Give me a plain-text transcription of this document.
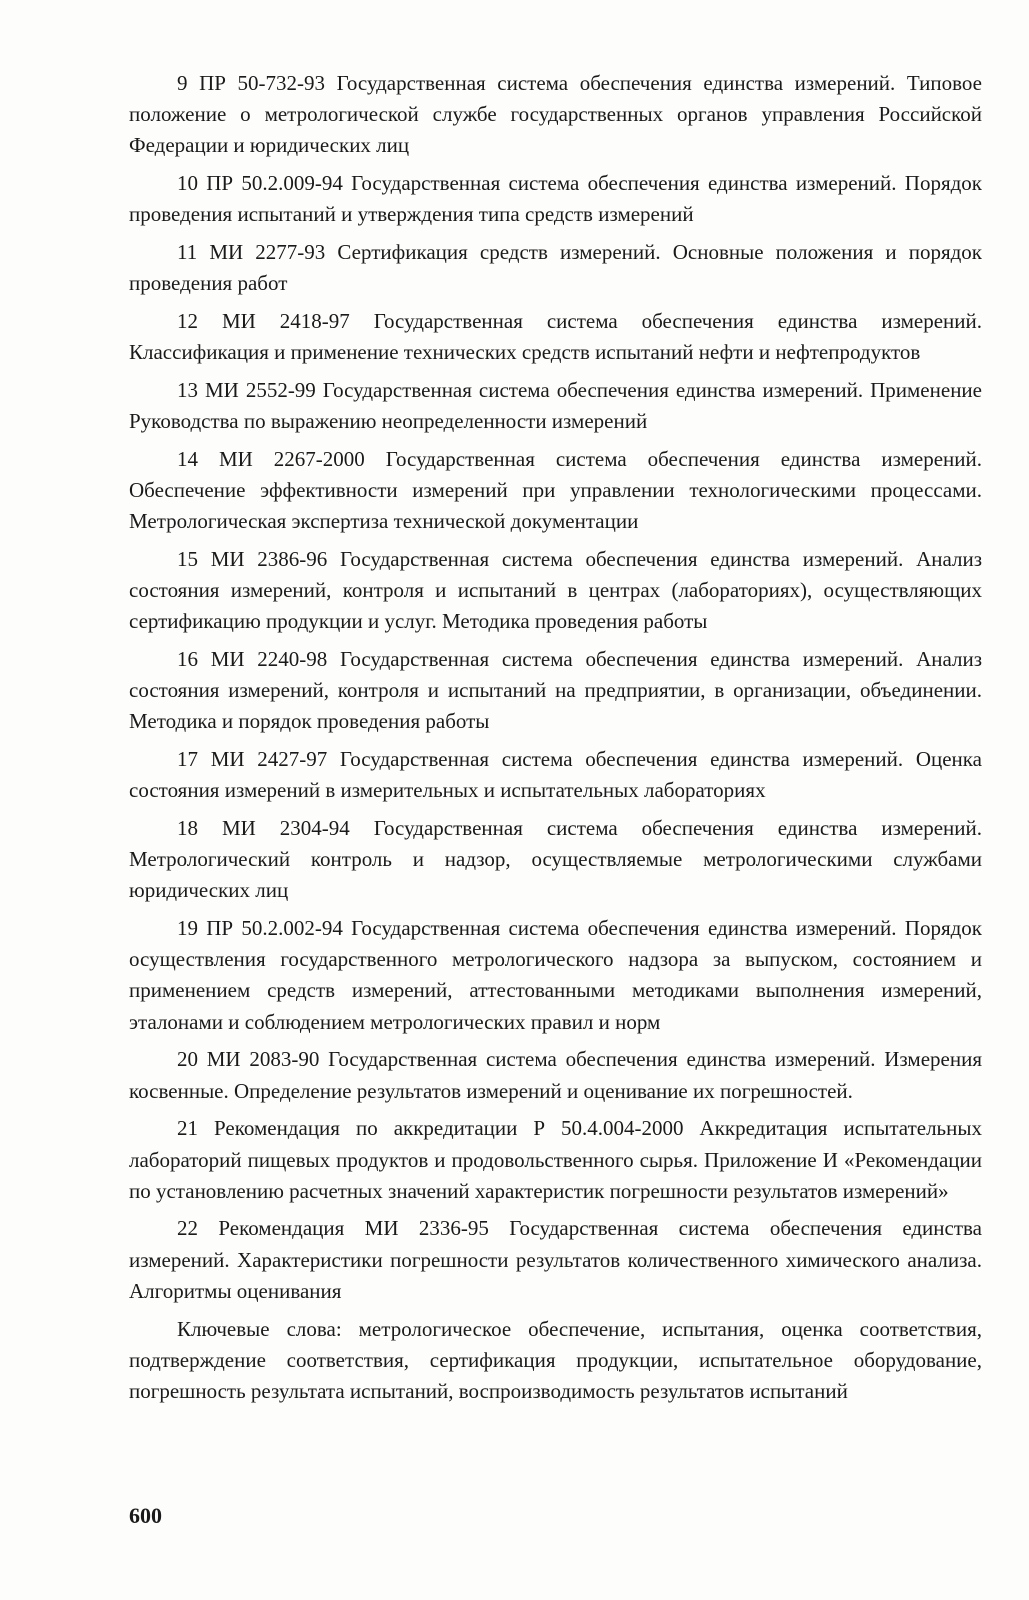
9 ПР 50-732-93 Государственная система обеспечения единства измерений. Типовое положение о метрологической службе государственных органов управления Российской Федерации и юридических лиц

10 ПР 50.2.009-94 Государственная система обеспечения единства измерений. Порядок проведения испытаний и утверждения типа средств измерений

11 МИ 2277-93 Сертификация средств измерений. Основные положения и порядок проведения работ

12 МИ 2418-97 Государственная система обеспечения единства измерений. Классификация и применение технических средств испытаний нефти и нефтепродуктов

13 МИ 2552-99 Государственная система обеспечения единства измерений. Применение Руководства по выражению неопределенности измерений

14 МИ 2267-2000 Государственная система обеспечения единства измерений. Обеспечение эффективности измерений при управлении технологическими процессами. Метрологическая экспертиза технической документации

15 МИ 2386-96 Государственная система обеспечения единства измерений. Анализ состояния измерений, контроля и испытаний в центрах (лабораториях), осуществляющих сертификацию продукции и услуг. Методика проведения работы

16 МИ 2240-98 Государственная система обеспечения единства измерений. Анализ состояния измерений, контроля и испытаний на предприятии, в организации, объединении. Методика и порядок проведения работы

17 МИ 2427-97 Государственная система обеспечения единства измерений. Оценка состояния измерений в измерительных и испытательных лабораториях

18 МИ 2304-94 Государственная система обеспечения единства измерений. Метрологический контроль и надзор, осуществляемые метрологическими службами юридических лиц

19 ПР 50.2.002-94 Государственная система обеспечения единства измерений. Порядок осуществления государственного метрологического надзора за выпуском, состоянием и применением средств измерений, аттестованными методиками выполнения измерений, эталонами и соблюдением метрологических правил и норм

20 МИ 2083-90 Государственная система обеспечения единства измерений. Измерения косвенные. Определение результатов измерений и оценивание их погрешностей.

21 Рекомендация по аккредитации Р 50.4.004-2000 Аккредитация испытательных лабораторий пищевых продуктов и продовольственного сырья. Приложение И «Рекомендации по установлению расчетных значений характеристик погрешности результатов измерений»

22 Рекомендация МИ 2336-95 Государственная система обеспечения единства измерений. Характеристики погрешности результатов количественного химического анализа. Алгоритмы оценивания

Ключевые слова: метрологическое обеспечение, испытания, оценка соответствия, подтверждение соответствия, сертификация продукции, испытательное оборудование, погрешность результата испытаний, воспроизводимость результатов испытаний

600
